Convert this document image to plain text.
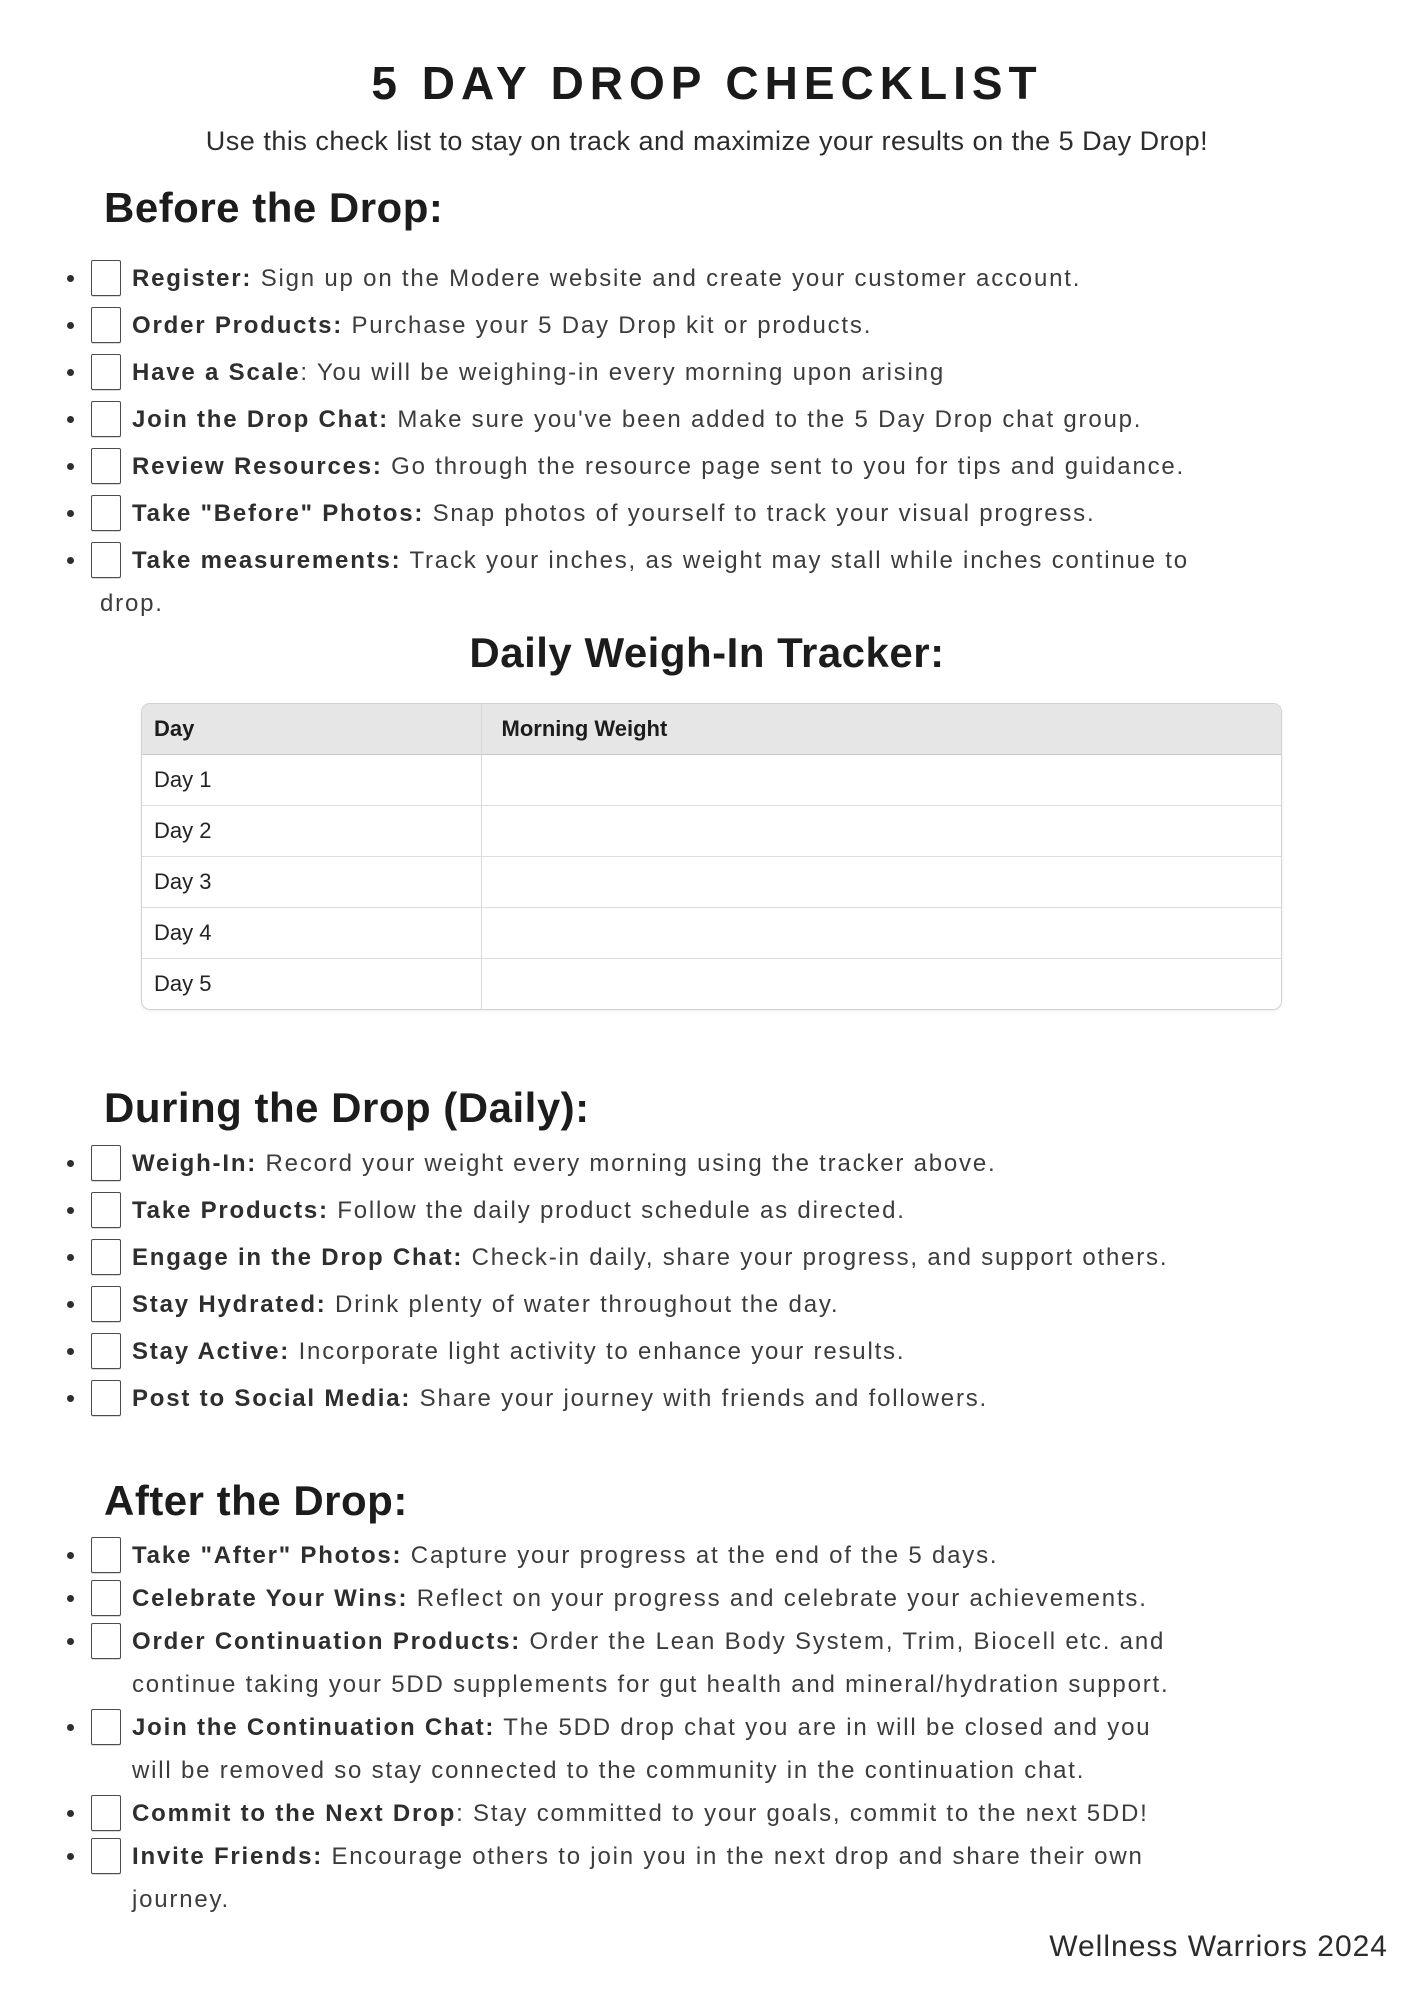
5 DAY DROP CHECKLIST
Use this check list to stay on track and maximize your results on the 5 Day Drop!
Before the Drop:
Register: Sign up on the Modere website and create your customer account.
Order Products: Purchase your 5 Day Drop kit or products.
Have a Scale: You will be weighing-in every morning upon arising
Join the Drop Chat: Make sure you've been added to the 5 Day Drop chat group.
Review Resources: Go through the resource page sent to you for tips and guidance.
Take "Before" Photos: Snap photos of yourself to track your visual progress.
Take measurements: Track your inches, as weight may stall while inches continue to
drop.
Daily Weigh-In Tracker:
Day	Morning Weight
Day 1	
Day 2	
Day 3	
Day 4	
Day 5	
During the Drop (Daily):
Weigh-In: Record your weight every morning using the tracker above.
Take Products: Follow the daily product schedule as directed.
Engage in the Drop Chat: Check-in daily, share your progress, and support others.
Stay Hydrated: Drink plenty of water throughout the day.
Stay Active: Incorporate light activity to enhance your results.
Post to Social Media: Share your journey with friends and followers.
After the Drop:
Take "After" Photos: Capture your progress at the end of the 5 days.
Celebrate Your Wins: Reflect on your progress and celebrate your achievements.
Order Continuation Products: Order the Lean Body System, Trim, Biocell etc. and
continue taking your 5DD supplements for gut health and mineral/hydration support.
Join the Continuation Chat: The 5DD drop chat you are in will be closed and you
will be removed so stay connected to the community in the continuation chat.
Commit to the Next Drop: Stay committed to your goals, commit to the next 5DD!
Invite Friends: Encourage others to join you in the next drop and share their own
journey.
Wellness Warriors 2024
